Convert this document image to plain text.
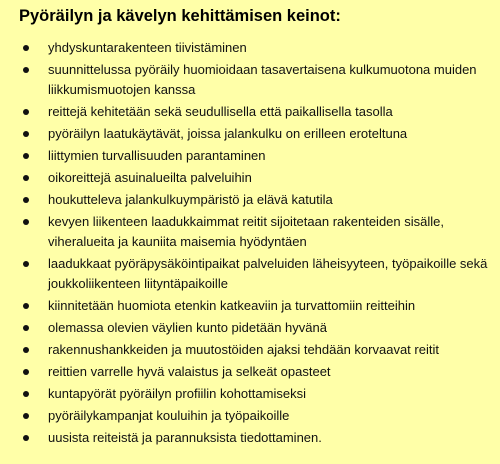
Pyöräilyn ja kävelyn kehittämisen keinot:
yhdyskuntarakenteen tiivistäminen
suunnittelussa pyöräily huomioidaan tasavertaisena kulkumuotona muiden liikkumismuotojen kanssa
reittejä kehitetään sekä seudullisella että paikallisella tasolla
pyöräilyn laatukäytävät, joissa jalankulku on erilleen eroteltuna
liittymien turvallisuuden parantaminen
oikoreittejä asuinalueilta palveluihin
houkutteleva jalankulkuympäristö ja elävä katutila
kevyen liikenteen laadukkaimmat reitit sijoitetaan rakenteiden sisälle, viheralueita ja kauniita maisemia hyödyntäen
laadukkaat pyöräpysäköintipaikat palveluiden läheisyyteen, työpaikoille sekä joukkoliikenteen liityntäpaikoille
kiinnitetään huomiota etenkin katkeaviin ja turvattomiin reitteihin
olemassa olevien väylien kunto pidetään hyvänä
rakennushankkeiden ja muutostöiden ajaksi tehdään korvaavat reitit
reittien varrelle hyvä valaistus ja selkeät opasteet
kuntapyörät pyöräilyn profiilin kohottamiseksi
pyöräilykampanjat kouluihin ja työpaikoille
uusista reiteistä ja parannuksista tiedottaminen.
